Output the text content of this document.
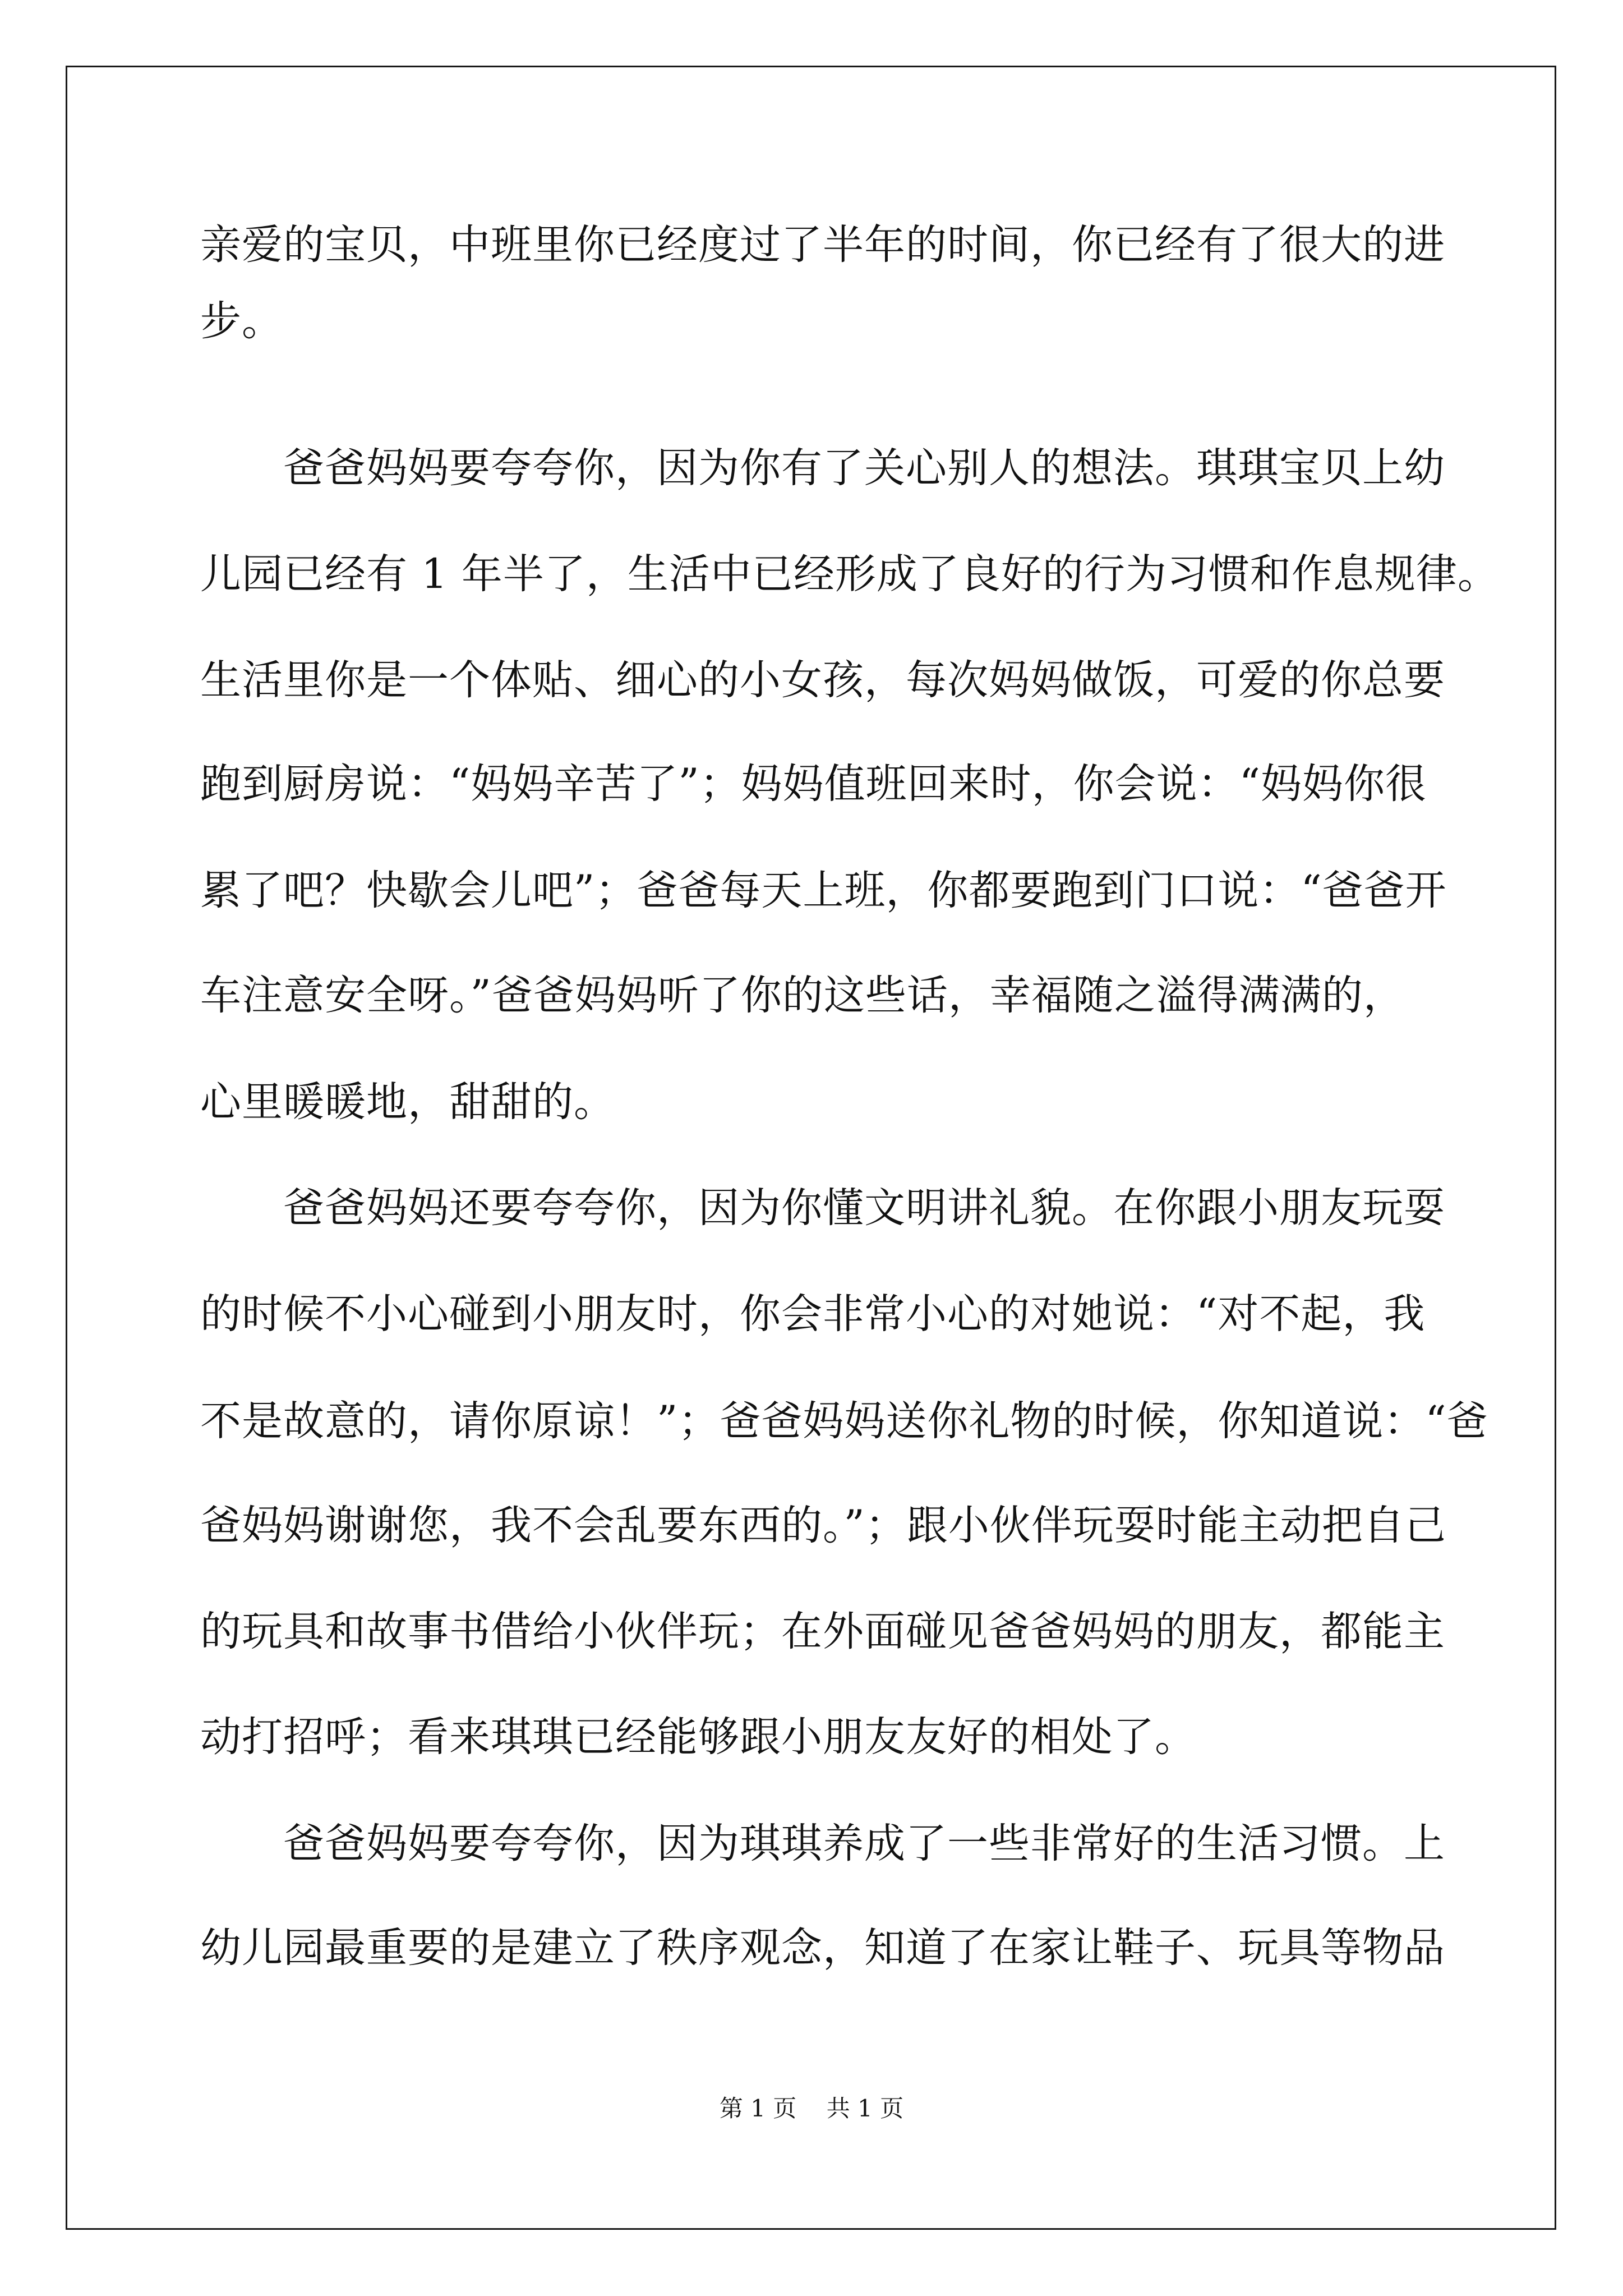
亲爱的宝贝，中班里你已经度过了半年的时间，你已经有了很大的进
步。
　　爸爸妈妈要夸夸你，因为你有了关心别人的想法。琪琪宝贝上幼
儿园已经有 1 年半了，生活中已经形成了良好的行为习惯和作息规律。
生活里你是一个体贴、细心的小女孩，每次妈妈做饭，可爱的你总要
跑到厨房说：“妈妈辛苦了”；妈妈值班回来时，你会说：“妈妈你很
累了吧？快歇会儿吧”；爸爸每天上班，你都要跑到门口说：“爸爸开
车注意安全呀。”爸爸妈妈听了你的这些话，幸福随之溢得满满的，
心里暖暖地，甜甜的。
　　爸爸妈妈还要夸夸你，因为你懂文明讲礼貌。在你跟小朋友玩耍
的时候不小心碰到小朋友时，你会非常小心的对她说：“对不起，我
不是故意的，请你原谅！”；爸爸妈妈送你礼物的时候，你知道说：“爸
爸妈妈谢谢您，我不会乱要东西的。”；跟小伙伴玩耍时能主动把自己
的玩具和故事书借给小伙伴玩；在外面碰见爸爸妈妈的朋友，都能主
动打招呼；看来琪琪已经能够跟小朋友友好的相处了。
　　爸爸妈妈要夸夸你，因为琪琪养成了一些非常好的生活习惯。上
幼儿园最重要的是建立了秩序观念，知道了在家让鞋子、玩具等物品
第 1 页    共 1 页
